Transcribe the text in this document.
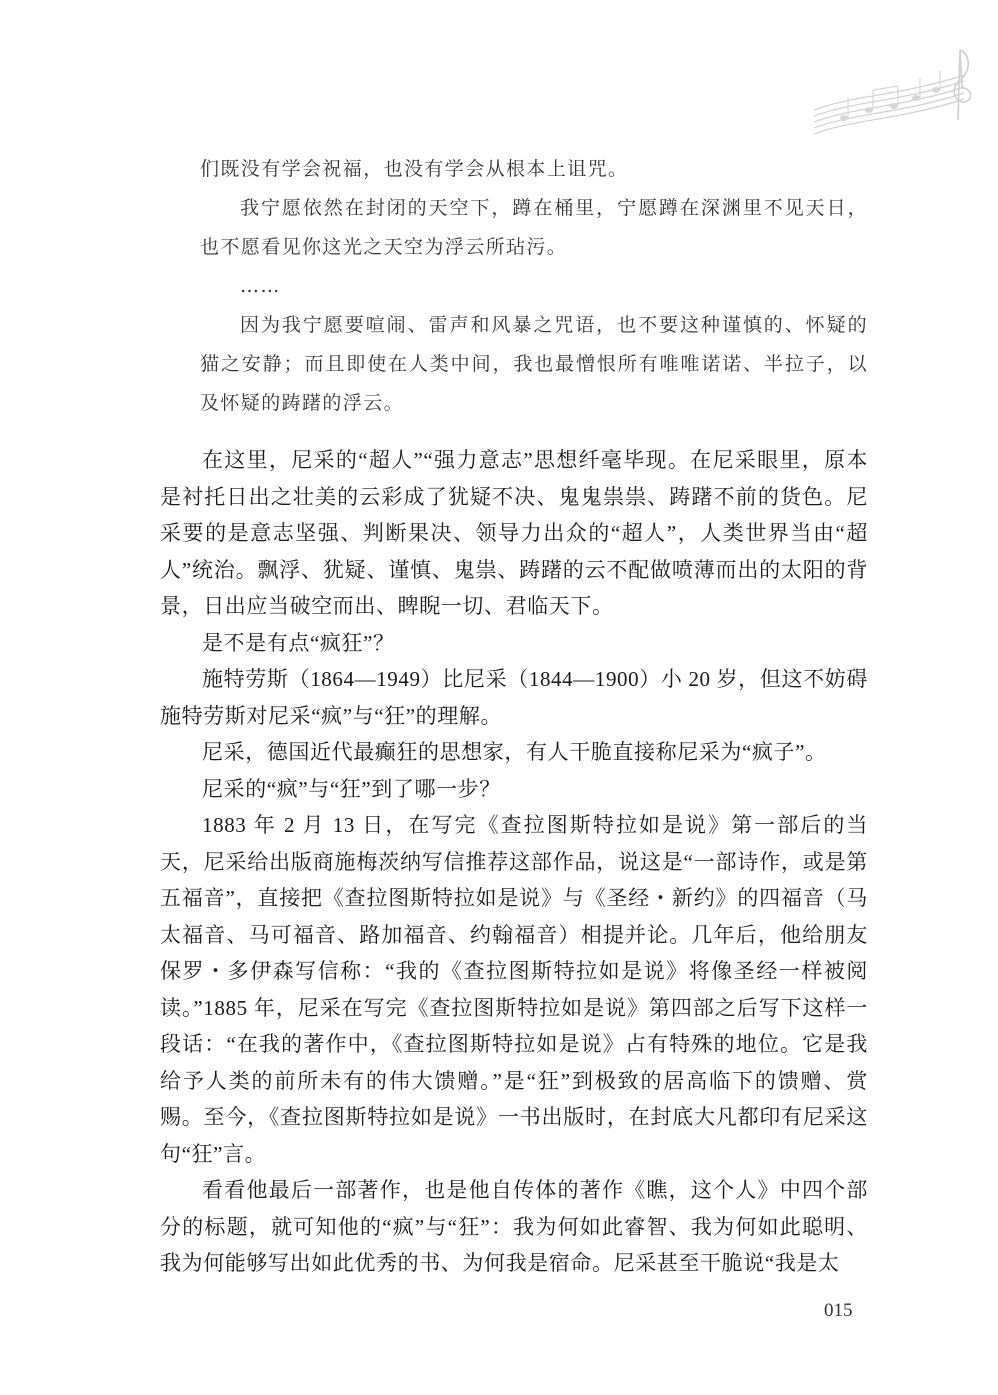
们既没有学会祝福，也没有学会从根本上诅咒。

我宁愿依然在封闭的天空下，蹲在桶里，宁愿蹲在深渊里不见天日，也不愿看见你这光之天空为浮云所玷污。

……

因为我宁愿要喧闹、雷声和风暴之咒语，也不要这种谨慎的、怀疑的猫之安静；而且即使在人类中间，我也最憎恨所有唯唯诺诺、半拉子，以及怀疑的踌躇的浮云。

在这里，尼采的“超人”“强力意志”思想纤毫毕现。在尼采眼里，原本是衬托日出之壮美的云彩成了犹疑不决、鬼鬼祟祟、踌躇不前的货色。尼采要的是意志坚强、判断果决、领导力出众的“超人”，人类世界当由“超人”统治。飘浮、犹疑、谨慎、鬼祟、踌躇的云不配做喷薄而出的太阳的背景，日出应当破空而出、睥睨一切、君临天下。

是不是有点“疯狂”？

施特劳斯（1864—1949）比尼采（1844—1900）小 20 岁，但这不妨碍施特劳斯对尼采“疯”与“狂”的理解。

尼采，德国近代最癫狂的思想家，有人干脆直接称尼采为“疯子”。

尼采的“疯”与“狂”到了哪一步？

1883 年 2 月 13 日，在写完《查拉图斯特拉如是说》第一部后的当天，尼采给出版商施梅茨纳写信推荐这部作品，说这是“一部诗作，或是第五福音”，直接把《查拉图斯特拉如是说》与《圣经・新约》的四福音（马太福音、马可福音、路加福音、约翰福音）相提并论。几年后，他给朋友保罗・多伊森写信称：“我的《查拉图斯特拉如是说》将像圣经一样被阅读。”1885 年，尼采在写完《查拉图斯特拉如是说》第四部之后写下这样一段话：“在我的著作中，《查拉图斯特拉如是说》占有特殊的地位。它是我给予人类的前所未有的伟大馈赠。”是“狂”到极致的居高临下的馈赠、赏赐。至今，《查拉图斯特拉如是说》一书出版时，在封底大凡都印有尼采这句“狂”言。

看看他最后一部著作，也是他自传体的著作《瞧，这个人》中四个部分的标题，就可知他的“疯”与“狂”：我为何如此睿智、我为何如此聪明、我为何能够写出如此优秀的书、为何我是宿命。尼采甚至干脆说“我是太

015
